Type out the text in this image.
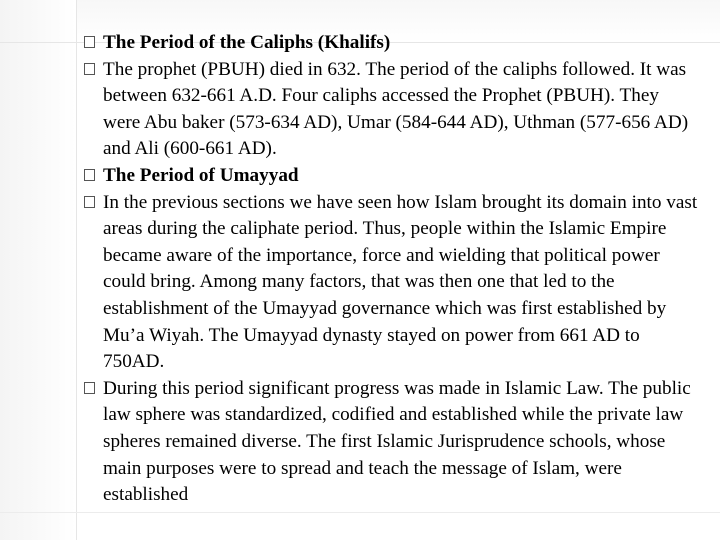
The Period of the Caliphs (Khalifs)
The prophet (PBUH) died in 632. The period of the caliphs followed. It was between 632-661 A.D. Four caliphs accessed the Prophet (PBUH). They were Abu baker (573-634 AD), Umar (584-644 AD), Uthman (577-656 AD) and Ali (600-661 AD).
The Period of Umayyad
In the previous sections we have seen how Islam brought its domain into vast areas during the caliphate period. Thus, people within the Islamic Empire became aware of the importance, force and wielding that political power could bring. Among many factors, that was then one that led to the establishment of the Umayyad governance which was first established by Mu’a Wiyah. The Umayyad dynasty stayed on power from 661 AD to 750AD.
During this period significant progress was made in Islamic Law. The public law sphere was standardized, codified and established while the private law spheres remained diverse. The first Islamic Jurisprudence schools, whose main purposes were to spread and teach the message of Islam, were established
